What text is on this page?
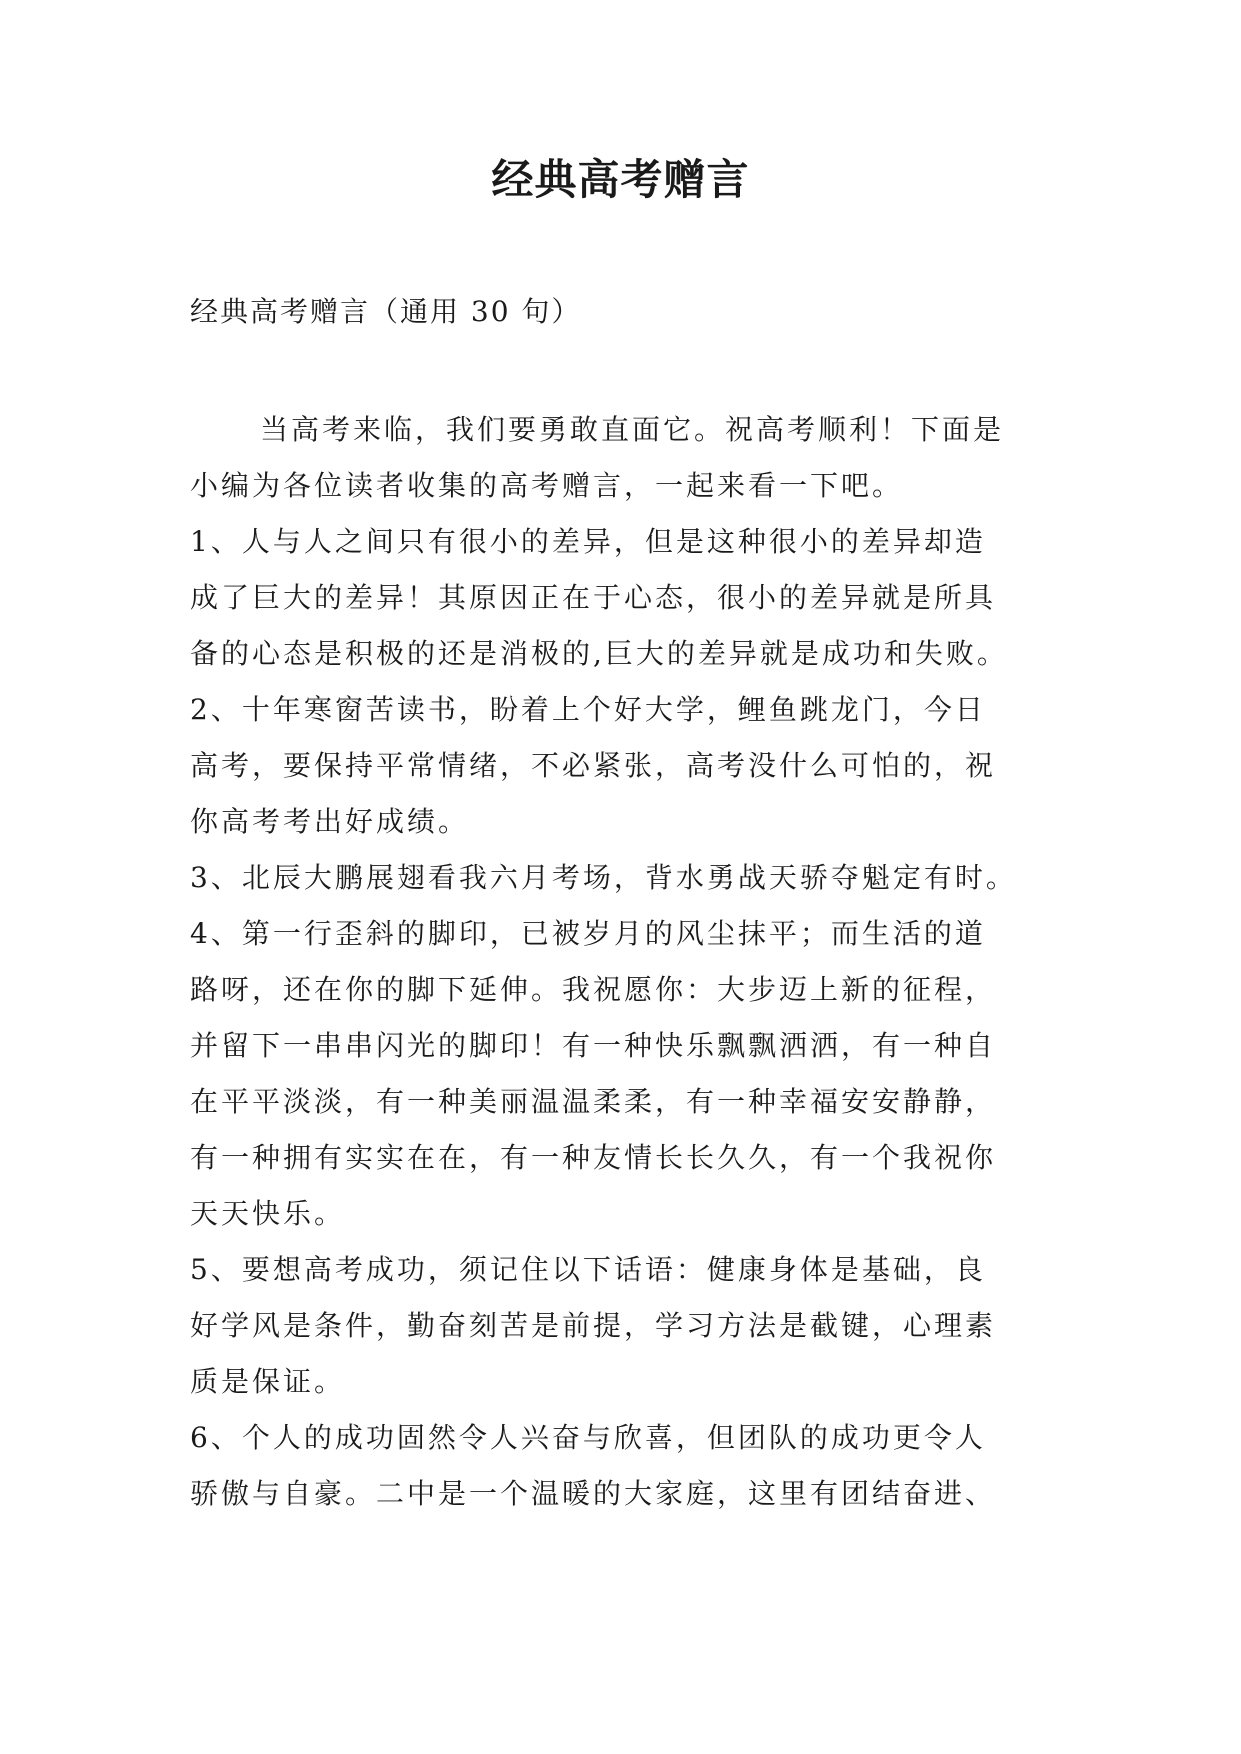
经典高考赠言
经典高考赠言（通用 30 句）
当高考来临，我们要勇敢直面它。祝高考顺利！下面是
小编为各位读者收集的高考赠言，一起来看一下吧。
1、人与人之间只有很小的差异，但是这种很小的差异却造
成了巨大的差异！其原因正在于心态，很小的差异就是所具
备的心态是积极的还是消极的,巨大的差异就是成功和失败。
2、十年寒窗苦读书，盼着上个好大学，鲤鱼跳龙门，今日
高考，要保持平常情绪，不必紧张，高考没什么可怕的，祝
你高考考出好成绩。
3、北辰大鹏展翅看我六月考场，背水勇战天骄夺魁定有时。
4、第一行歪斜的脚印，已被岁月的风尘抹平；而生活的道
路呀，还在你的脚下延伸。我祝愿你：大步迈上新的征程，
并留下一串串闪光的脚印！有一种快乐飘飘洒洒，有一种自
在平平淡淡，有一种美丽温温柔柔，有一种幸福安安静静，
有一种拥有实实在在，有一种友情长长久久，有一个我祝你
天天快乐。
5、要想高考成功，须记住以下话语：健康身体是基础，良
好学风是条件，勤奋刻苦是前提，学习方法是截键，心理素
质是保证。
6、个人的成功固然令人兴奋与欣喜，但团队的成功更令人
骄傲与自豪。二中是一个温暖的大家庭，这里有团结奋进、
